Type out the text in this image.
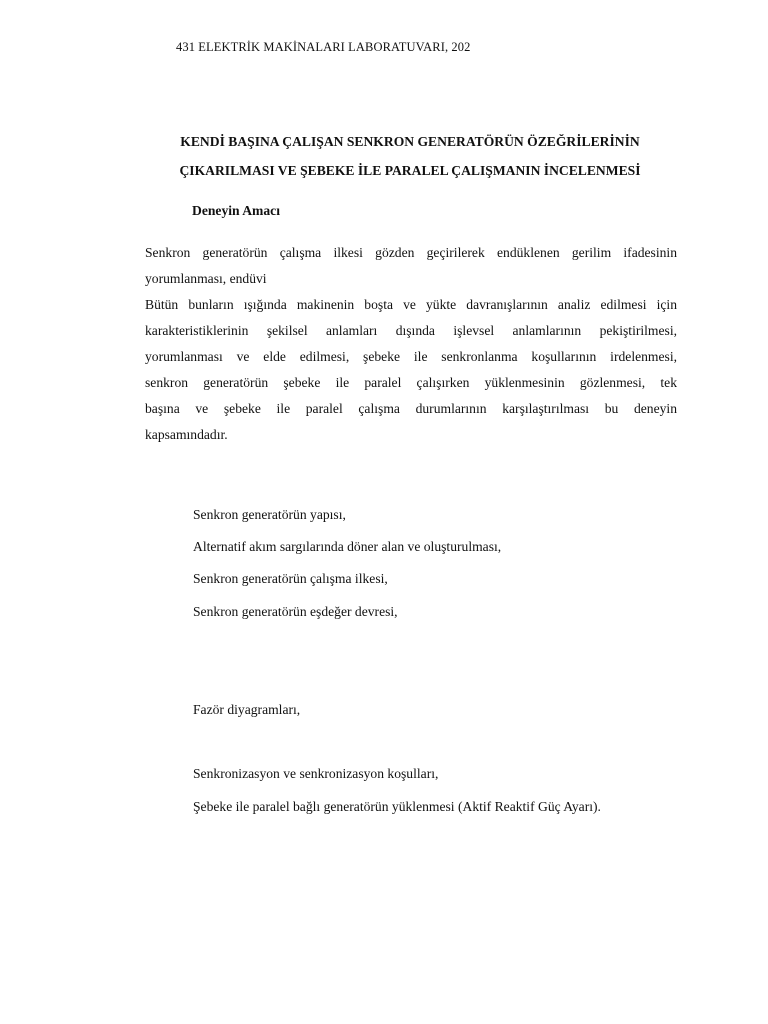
431 ELEKTRİK MAKİNALARI LABORATUVARI, 202
KENDİ BAŞINA ÇALIŞAN SENKRON GENERATÖRÜN ÖZEĞRİLERİNİN
ÇIKARILMASI VE ŞEBEKE İLE PARALEL ÇALIŞMANIN İNCELENMESİ
Deneyin Amacı
Senkron generatörün çalışma ilkesi gözden geçirilerek endüklenen gerilim ifadesinin
yorumlanması, endüvi
Bütün bunların ışığında makinenin boşta ve yükte davranışlarının analiz edilmesi için
karakteristiklerinin şekilsel anlamları dışında işlevsel anlamlarının pekiştirilmesi,
yorumlanması ve elde edilmesi, şebeke ile senkronlanma koşullarının irdelenmesi,
senkron generatörün şebeke ile paralel çalışırken yüklenmesinin gözlenmesi, tek
başına ve şebeke ile paralel çalışma durumlarının karşılaştırılması bu deneyin
kapsamındadır.
Senkron generatörün yapısı,
Alternatif akım sargılarında döner alan ve oluşturulması,
Senkron generatörün çalışma ilkesi,
Senkron generatörün eşdeğer devresi,
Fazör diyagramları,
Senkronizasyon ve senkronizasyon koşulları,
Şebeke ile paralel bağlı generatörün yüklenmesi (Aktif Reaktif Güç Ayarı).
